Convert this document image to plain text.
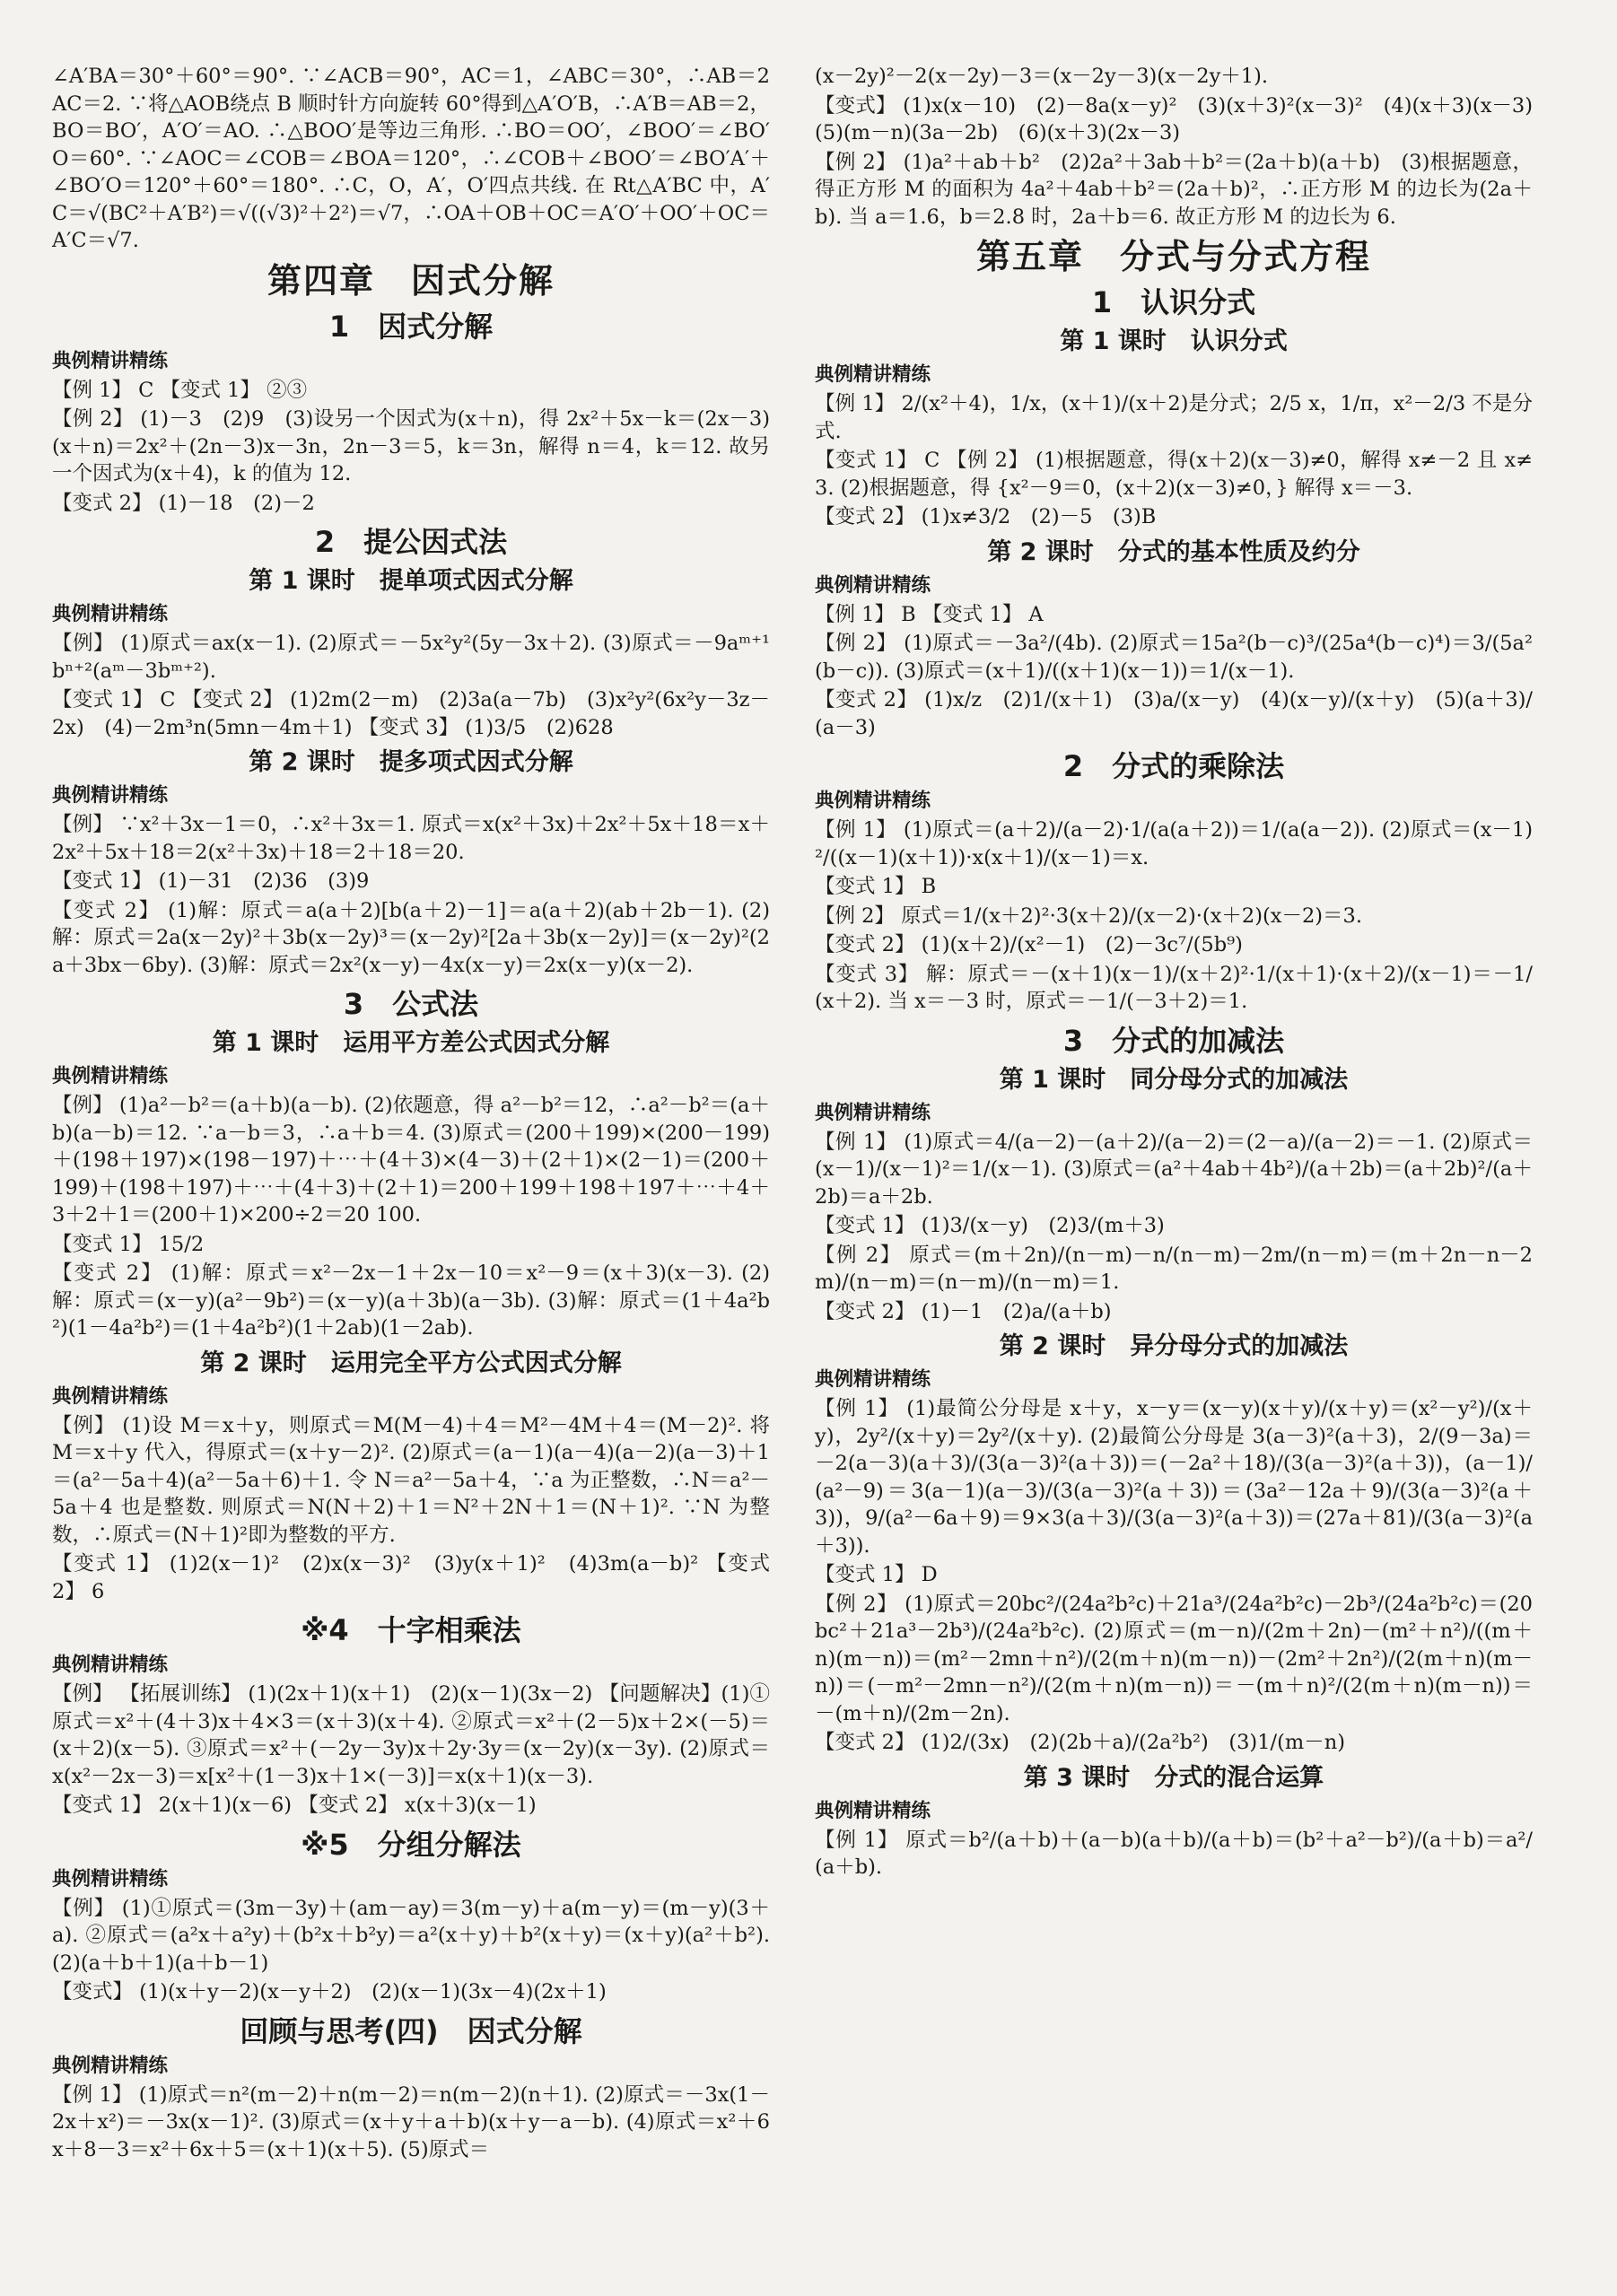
∠A′BA＝30°＋60°＝90°. ∵∠ACB＝90°，AC＝1，∠ABC＝30°，∴AB＝2AC＝2. ∵将△AOB绕点 B 顺时针方向旋转 60°得到△A′O′B，∴A′B＝AB＝2，BO＝BO′，A′O′＝AO. ∴△BOO′是等边三角形. ∴BO＝OO′，∠BOO′＝∠BO′O＝60°. ∵∠AOC＝∠COB＝∠BOA＝120°，∴∠COB＋∠BOO′＝∠BO′A′＋∠BO′O＝120°＋60°＝180°. ∴C，O，A′，O′四点共线. 在 Rt△A′BC 中，A′C＝√(BC²＋A′B²)＝√((√3)²＋2²)＝√7，∴OA＋OB＋OC＝A′O′＋OO′＋OC＝A′C＝√7.
第四章　因式分解
1　因式分解
典例精讲精练
【例 1】 C 【变式 1】 ②③
【例 2】 (1)－3　(2)9　(3)设另一个因式为(x＋n)，得 2x²＋5x－k＝(2x－3)(x＋n)＝2x²＋(2n－3)x－3n，2n－3＝5，k＝3n，解得 n＝4，k＝12. 故另一个因式为(x＋4)，k 的值为 12.
【变式 2】 (1)－18　(2)－2
2　提公因式法
第 1 课时　提单项式因式分解
典例精讲精练
【例】 (1)原式＝ax(x－1). (2)原式＝－5x²y²(5y－3x＋2). (3)原式＝－9aᵐ⁺¹bⁿ⁺²(aᵐ－3bᵐ⁺²).
【变式 1】 C 【变式 2】 (1)2m(2－m)　(2)3a(a－7b)　(3)x²y²(6x²y－3z－2x)　(4)－2m³n(5mn－4m＋1) 【变式 3】 (1)3/5　(2)628
第 2 课时　提多项式因式分解
典例精讲精练
【例】 ∵x²＋3x－1＝0，∴x²＋3x＝1. 原式＝x(x²＋3x)＋2x²＋5x＋18＝x＋2x²＋5x＋18＝2(x²＋3x)＋18＝2＋18＝20.
【变式 1】 (1)－31　(2)36　(3)9
【变式 2】 (1)解：原式＝a(a＋2)[b(a＋2)－1]＝a(a＋2)(ab＋2b－1). (2)解：原式＝2a(x－2y)²＋3b(x－2y)³＝(x－2y)²[2a＋3b(x－2y)]＝(x－2y)²(2a＋3bx－6by). (3)解：原式＝2x²(x－y)－4x(x－y)＝2x(x－y)(x－2).
3　公式法
第 1 课时　运用平方差公式因式分解
典例精讲精练
【例】 (1)a²－b²＝(a＋b)(a－b). (2)依题意，得 a²－b²＝12，∴a²－b²＝(a＋b)(a－b)＝12. ∵a－b＝3，∴a＋b＝4. (3)原式＝(200＋199)×(200－199)＋(198＋197)×(198－197)＋⋯＋(4＋3)×(4－3)＋(2＋1)×(2－1)＝(200＋199)＋(198＋197)＋⋯＋(4＋3)＋(2＋1)＝200＋199＋198＋197＋⋯＋4＋3＋2＋1＝(200＋1)×200÷2＝20 100.
【变式 1】 15/2
【变式 2】 (1)解：原式＝x²－2x－1＋2x－10＝x²－9＝(x＋3)(x－3). (2)解：原式＝(x－y)(a²－9b²)＝(x－y)(a＋3b)(a－3b). (3)解：原式＝(1＋4a²b²)(1－4a²b²)＝(1＋4a²b²)(1＋2ab)(1－2ab).
第 2 课时　运用完全平方公式因式分解
典例精讲精练
【例】 (1)设 M＝x＋y，则原式＝M(M－4)＋4＝M²－4M＋4＝(M－2)². 将 M＝x＋y 代入，得原式＝(x＋y－2)². (2)原式＝(a－1)(a－4)(a－2)(a－3)＋1＝(a²－5a＋4)(a²－5a＋6)＋1. 令 N＝a²－5a＋4，∵a 为正整数，∴N＝a²－5a＋4 也是整数. 则原式＝N(N＋2)＋1＝N²＋2N＋1＝(N＋1)². ∵N 为整数，∴原式＝(N＋1)²即为整数的平方.
【变式 1】 (1)2(x－1)²　(2)x(x－3)²　(3)y(x＋1)²　(4)3m(a－b)² 【变式 2】 6
※4　十字相乘法
典例精讲精练
【例】 【拓展训练】 (1)(2x＋1)(x＋1)　(2)(x－1)(3x－2) 【问题解决】(1)①原式＝x²＋(4＋3)x＋4×3＝(x＋3)(x＋4). ②原式＝x²＋(2－5)x＋2×(－5)＝(x＋2)(x－5). ③原式＝x²＋(－2y－3y)x＋2y·3y＝(x－2y)(x－3y). (2)原式＝x(x²－2x－3)＝x[x²＋(1－3)x＋1×(－3)]＝x(x＋1)(x－3).
【变式 1】 2(x＋1)(x－6) 【变式 2】 x(x＋3)(x－1)
※5　分组分解法
典例精讲精练
【例】 (1)①原式＝(3m－3y)＋(am－ay)＝3(m－y)＋a(m－y)＝(m－y)(3＋a). ②原式＝(a²x＋a²y)＋(b²x＋b²y)＝a²(x＋y)＋b²(x＋y)＝(x＋y)(a²＋b²). (2)(a＋b＋1)(a＋b－1)
【变式】 (1)(x＋y－2)(x－y＋2)　(2)(x－1)(3x－4)(2x＋1)
回顾与思考(四)　因式分解
典例精讲精练
【例 1】 (1)原式＝n²(m－2)＋n(m－2)＝n(m－2)(n＋1). (2)原式＝－3x(1－2x＋x²)＝－3x(x－1)². (3)原式＝(x＋y＋a＋b)(x＋y－a－b). (4)原式＝x²＋6x＋8－3＝x²＋6x＋5＝(x＋1)(x＋5). (5)原式＝
(x－2y)²－2(x－2y)－3＝(x－2y－3)(x－2y＋1).
【变式】 (1)x(x－10)　(2)－8a(x－y)²　(3)(x＋3)²(x－3)²　(4)(x＋3)(x－3)　(5)(m－n)(3a－2b)　(6)(x＋3)(2x－3)
【例 2】 (1)a²＋ab＋b²　(2)2a²＋3ab＋b²＝(2a＋b)(a＋b)　(3)根据题意，得正方形 M 的面积为 4a²＋4ab＋b²＝(2a＋b)²，∴正方形 M 的边长为(2a＋b). 当 a＝1.6，b＝2.8 时，2a＋b＝6. 故正方形 M 的边长为 6.
第五章　分式与分式方程
1　认识分式
第 1 课时　认识分式
典例精讲精练
【例 1】 2/(x²＋4)，1/x，(x＋1)/(x＋2)是分式；2/5 x，1/π，x²－2/3 不是分式.
【变式 1】 C 【例 2】 (1)根据题意，得(x＋2)(x－3)≠0，解得 x≠－2 且 x≠3. (2)根据题意，得 {x²－9＝0，(x＋2)(x－3)≠0，} 解得 x＝－3.
【变式 2】 (1)x≠3/2　(2)－5　(3)B
第 2 课时　分式的基本性质及约分
典例精讲精练
【例 1】 B 【变式 1】 A
【例 2】 (1)原式＝－3a²/(4b). (2)原式＝15a²(b－c)³/(25a⁴(b－c)⁴)＝3/(5a²(b－c)). (3)原式＝(x＋1)/((x＋1)(x－1))＝1/(x－1).
【变式 2】 (1)x/z　(2)1/(x＋1)　(3)a/(x－y)　(4)(x－y)/(x＋y)　(5)(a＋3)/(a－3)
2　分式的乘除法
典例精讲精练
【例 1】 (1)原式＝(a＋2)/(a－2)·1/(a(a＋2))＝1/(a(a－2)). (2)原式＝(x－1)²/((x－1)(x＋1))·x(x＋1)/(x－1)＝x.
【变式 1】 B
【例 2】 原式＝1/(x＋2)²·3(x＋2)/(x－2)·(x＋2)(x－2)＝3.
【变式 2】 (1)(x＋2)/(x²－1)　(2)－3c⁷/(5b⁹)
【变式 3】 解：原式＝－(x＋1)(x－1)/(x＋2)²·1/(x＋1)·(x＋2)/(x－1)＝－1/(x＋2). 当 x＝－3 时，原式＝－1/(－3＋2)＝1.
3　分式的加减法
第 1 课时　同分母分式的加减法
典例精讲精练
【例 1】 (1)原式＝4/(a－2)－(a＋2)/(a－2)＝(2－a)/(a－2)＝－1. (2)原式＝(x－1)/(x－1)²＝1/(x－1). (3)原式＝(a²＋4ab＋4b²)/(a＋2b)＝(a＋2b)²/(a＋2b)＝a＋2b.
【变式 1】 (1)3/(x－y)　(2)3/(m＋3)
【例 2】 原式＝(m＋2n)/(n－m)－n/(n－m)－2m/(n－m)＝(m＋2n－n－2m)/(n－m)＝(n－m)/(n－m)＝1.
【变式 2】 (1)－1　(2)a/(a＋b)
第 2 课时　异分母分式的加减法
典例精讲精练
【例 1】 (1)最简公分母是 x＋y，x－y＝(x－y)(x＋y)/(x＋y)＝(x²－y²)/(x＋y)，2y²/(x＋y)＝2y²/(x＋y). (2)最简公分母是 3(a－3)²(a＋3)，2/(9－3a)＝－2(a－3)(a＋3)/(3(a－3)²(a＋3))＝(－2a²＋18)/(3(a－3)²(a＋3))，(a－1)/(a²－9)＝3(a－1)(a－3)/(3(a－3)²(a＋3))＝(3a²－12a＋9)/(3(a－3)²(a＋3))，9/(a²－6a＋9)＝9×3(a＋3)/(3(a－3)²(a＋3))＝(27a＋81)/(3(a－3)²(a＋3)).
【变式 1】 D
【例 2】 (1)原式＝20bc²/(24a²b²c)＋21a³/(24a²b²c)－2b³/(24a²b²c)＝(20bc²＋21a³－2b³)/(24a²b²c). (2)原式＝(m－n)/(2m＋2n)－(m²＋n²)/((m＋n)(m－n))＝(m²－2mn＋n²)/(2(m＋n)(m－n))－(2m²＋2n²)/(2(m＋n)(m－n))＝(－m²－2mn－n²)/(2(m＋n)(m－n))＝－(m＋n)²/(2(m＋n)(m－n))＝－(m＋n)/(2m－2n).
【变式 2】 (1)2/(3x)　(2)(2b＋a)/(2a²b²)　(3)1/(m－n)
第 3 课时　分式的混合运算
典例精讲精练
【例 1】 原式＝b²/(a＋b)＋(a－b)(a＋b)/(a＋b)＝(b²＋a²－b²)/(a＋b)＝a²/(a＋b).
